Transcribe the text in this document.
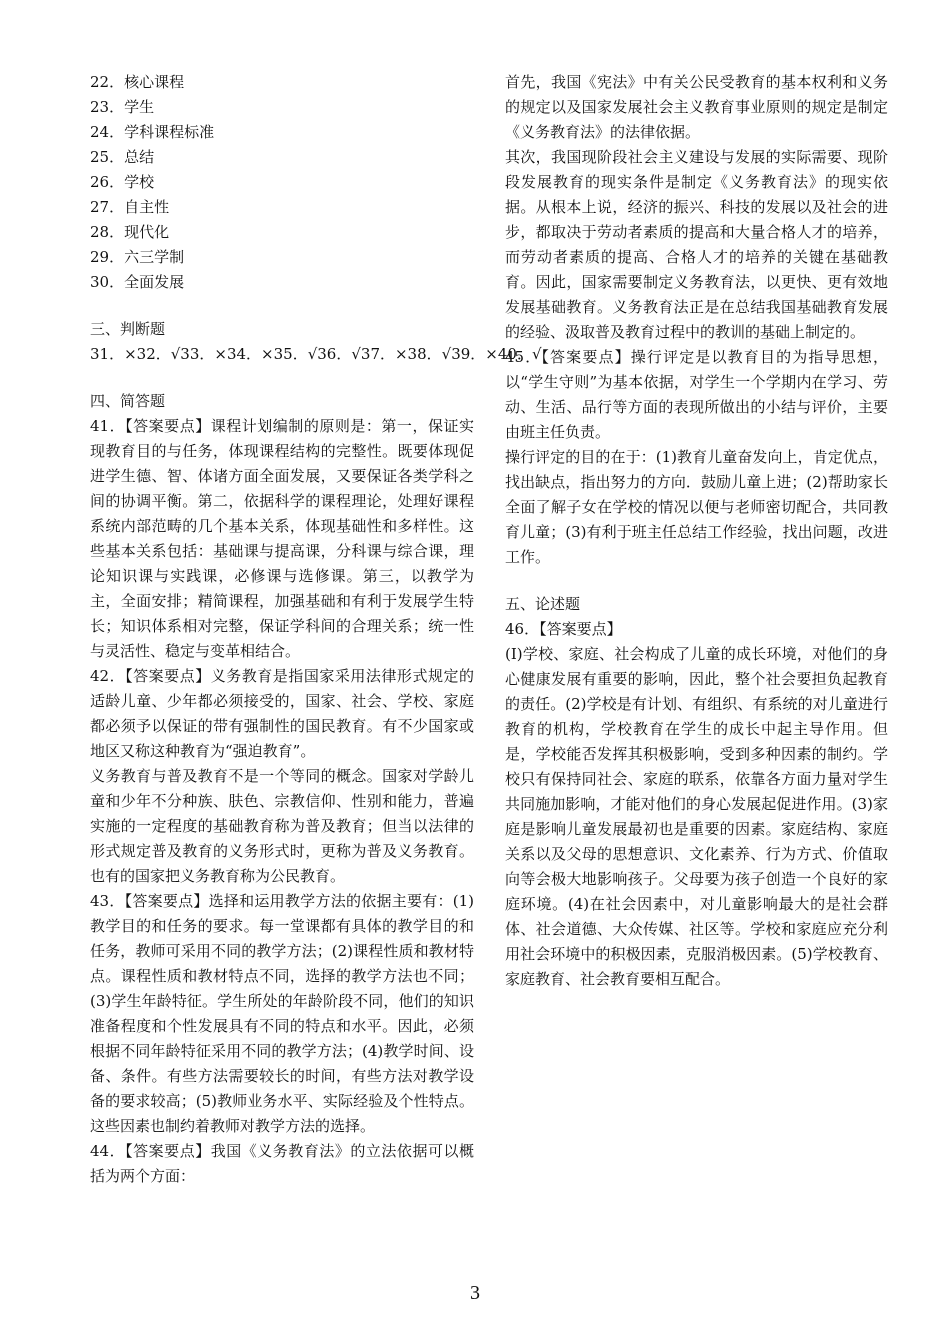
22．核心课程
23．学生
24．学科课程标准
25．总结
26．学校
27．自主性
28．现代化
29．六三学制
30．全面发展
三、判断题
31．×32．√33．×34．×35．√36．√37．×38．√39．×40．√
四、简答题

41．【答案要点】课程计划编制的原则是：第一，保证实现教育目的与任务，体现课程结构的完整性。既要体现促进学生德、智、体诸方面全面发展，又要保证各类学科之间的协调平衡。第二，依据科学的课程理论，处理好课程系统内部范畴的几个基本关系，体现基础性和多样性。这些基本关系包括：基础课与提高课，分科课与综合课，理论知识课与实践课，必修课与选修课。第三，以教学为主，全面安排；精简课程，加强基础和有利于发展学生特长；知识体系相对完整，保证学科间的合理关系；统一性与灵活性、稳定与变革相结合。

42．【答案要点】义务教育是指国家采用法律形式规定的适龄儿童、少年都必须接受的，国家、社会、学校、家庭都必须予以保证的带有强制性的国民教育。有不少国家或地区又称这种教育为“强迫教育”。

义务教育与普及教育不是一个等同的概念。国家对学龄儿童和少年不分种族、肤色、宗教信仰、性别和能力，普遍实施的一定程度的基础教育称为普及教育；但当以法律的形式规定普及教育的义务形式时，更称为普及义务教育。也有的国家把义务教育称为公民教育。

43．【答案要点】选择和运用教学方法的依据主要有：(1)教学目的和任务的要求。每一堂课都有具体的教学目的和任务，教师可采用不同的教学方法；(2)课程性质和教材特点。课程性质和教材特点不同，选择的教学方法也不同；(3)学生年龄特征。学生所处的年龄阶段不同，他们的知识准备程度和个性发展具有不同的特点和水平。因此，必须根据不同年龄特征采用不同的教学方法；(4)教学时间、设备、条件。有些方法需要较长的时间，有些方法对教学设备的要求较高；(5)教师业务水平、实际经验及个性特点。这些因素也制约着教师对教学方法的选择。

44．【答案要点】我国《义务教育法》的立法依据可以概括为两个方面：

首先，我国《宪法》中有关公民受教育的基本权利和义务的规定以及国家发展社会主义教育事业原则的规定是制定《义务教育法》的法律依据。

其次，我国现阶段社会主义建设与发展的实际需要、现阶段发展教育的现实条件是制定《义务教育法》的现实依据。从根本上说，经济的振兴、科技的发展以及社会的进步，都取决于劳动者素质的提高和大量合格人才的培养，而劳动者素质的提高、合格人才的培养的关键在基础教育。因此，国家需要制定义务教育法，以更快、更有效地发展基础教育。义务教育法正是在总结我国基础教育发展的经验、汲取普及教育过程中的教训的基础上制定的。

45．【答案要点】操行评定是以教育目的为指导思想，以“学生守则”为基本依据，对学生一个学期内在学习、劳动、生活、品行等方面的表现所做出的小结与评价，主要由班主任负责。

操行评定的目的在于：(1)教育儿童奋发向上，肯定优点，找出缺点，指出努力的方向．鼓励儿童上进；(2)帮助家长全面了解子女在学校的情况以便与老师密切配合，共同教育儿童；(3)有利于班主任总结工作经验，找出问题，改进工作。

五、论述题
46．【答案要点】

(I)学校、家庭、社会构成了儿童的成长环境，对他们的身心健康发展有重要的影响，因此，整个社会要担负起教育的责任。(2)学校是有计划、有组织、有系统的对儿童进行教育的机构，学校教育在学生的成长中起主导作用。但是，学校能否发挥其积极影响，受到多种因素的制约。学校只有保持同社会、家庭的联系，依靠各方面力量对学生共同施加影响，才能对他们的身心发展起促进作用。(3)家庭是影响儿童发展最初也是重要的因素。家庭结构、家庭关系以及父母的思想意识、文化素养、行为方式、价值取向等会极大地影响孩子。父母要为孩子创造一个良好的家庭环境。(4)在社会因素中，对儿童影响最大的是社会群体、社会道德、大众传媒、社区等。学校和家庭应充分利用社会环境中的积极因素，克服消极因素。(5)学校教育、家庭教育、社会教育要相互配合。

3
